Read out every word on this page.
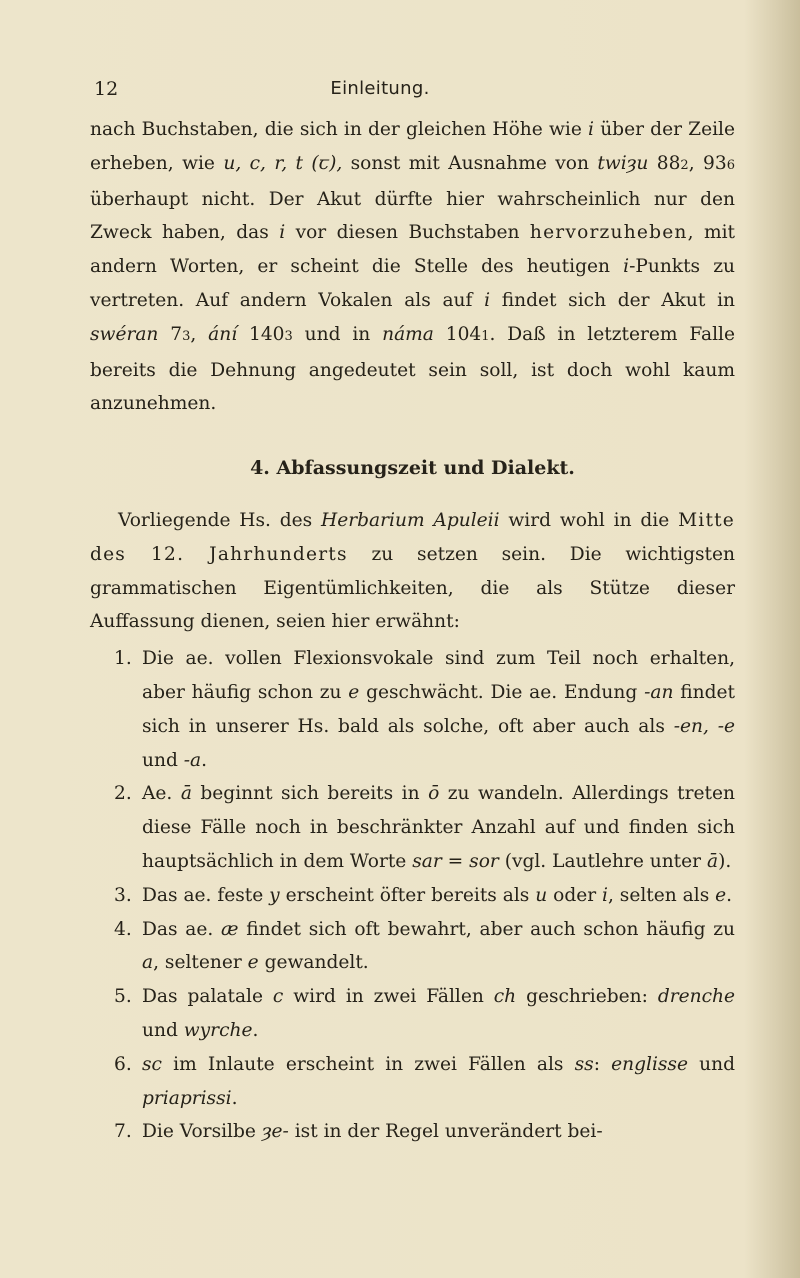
12	Einleitung.

nach Buchstaben, die sich in der gleichen Höhe wie i über der Zeile erheben, wie u, c, r, t (ꞇ), sonst mit Ausnahme von twiȝu 882, 936 überhaupt nicht. Der Akut dürfte hier wahrscheinlich nur den Zweck haben, das i vor diesen Buchstaben hervorzuheben, mit andern Worten, er scheint die Stelle des heutigen i-Punkts zu vertreten. Auf andern Vokalen als auf i findet sich der Akut in swéran 73, ání 1403 und in náma 1041. Daß in letzterem Falle bereits die Dehnung angedeutet sein soll, ist doch wohl kaum anzunehmen.

4. Abfassungszeit und Dialekt.

Vorliegende Hs. des Herbarium Apuleii wird wohl in die Mitte des 12. Jahrhunderts zu setzen sein. Die wichtigsten grammatischen Eigentümlichkeiten, die als Stütze dieser Auffassung dienen, seien hier erwähnt:

1. Die ae. vollen Flexionsvokale sind zum Teil noch erhalten, aber häufig schon zu e geschwächt. Die ae. Endung -an findet sich in unserer Hs. bald als solche, oft aber auch als -en, -e und -a.
2. Ae. ā beginnt sich bereits in ō zu wandeln. Allerdings treten diese Fälle noch in beschränkter Anzahl auf und finden sich hauptsächlich in dem Worte sar = sor (vgl. Lautlehre unter ā).
3. Das ae. feste y erscheint öfter bereits als u oder i, selten als e.
4. Das ae. æ findet sich oft bewahrt, aber auch schon häufig zu a, seltener e gewandelt.
5. Das palatale c wird in zwei Fällen ch geschrieben: drenche und wyrche.
6. sc im Inlaute erscheint in zwei Fällen als ss: englisse und priaprissi.
7. Die Vorsilbe ȝe- ist in der Regel unverändert bei-
